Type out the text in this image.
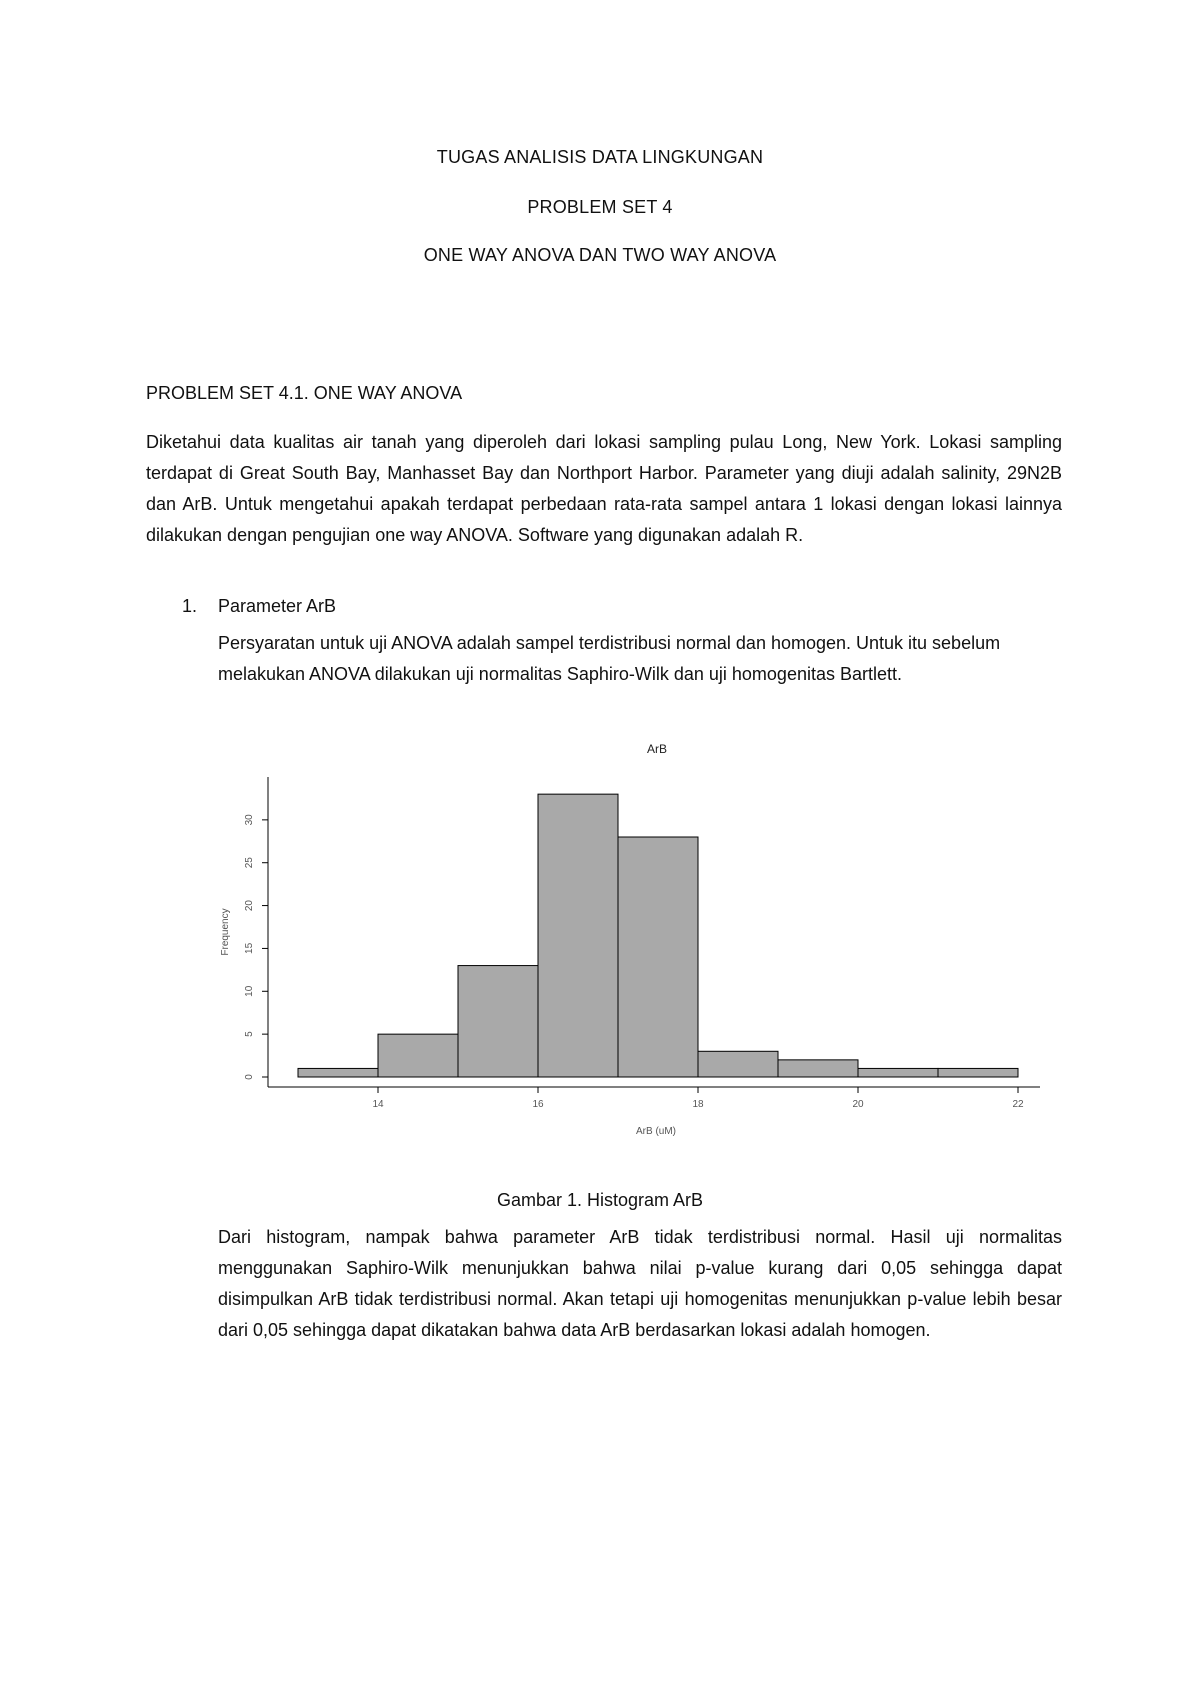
TUGAS ANALISIS DATA LINGKUNGAN
PROBLEM SET 4
ONE WAY ANOVA DAN TWO WAY ANOVA
PROBLEM SET 4.1. ONE WAY ANOVA
Diketahui data kualitas air tanah yang diperoleh dari lokasi sampling pulau Long, New York. Lokasi sampling terdapat di Great South Bay, Manhasset Bay dan Northport Harbor. Parameter yang diuji adalah salinity, 29N2B dan ArB. Untuk mengetahui apakah terdapat perbedaan rata-rata sampel antara 1 lokasi dengan lokasi lainnya dilakukan dengan pengujian one way ANOVA. Software yang digunakan adalah R.
1. Parameter ArB
Persyaratan untuk uji ANOVA adalah sampel terdistribusi normal dan homogen. Untuk itu sebelum melakukan ANOVA dilakukan uji normalitas Saphiro-Wilk dan uji homogenitas Bartlett.
ArB
0
5
10
15
20
25
30
14	16	18	20	22
Frequency
ArB (uM)
Gambar 1. Histogram ArB
Dari histogram, nampak bahwa parameter ArB tidak terdistribusi normal. Hasil uji normalitas menggunakan Saphiro-Wilk menunjukkan bahwa nilai p-value kurang dari 0,05 sehingga dapat disimpulkan ArB tidak terdistribusi normal. Akan tetapi uji homogenitas menunjukkan p-value lebih besar dari 0,05 sehingga dapat dikatakan bahwa data ArB berdasarkan lokasi adalah homogen.
